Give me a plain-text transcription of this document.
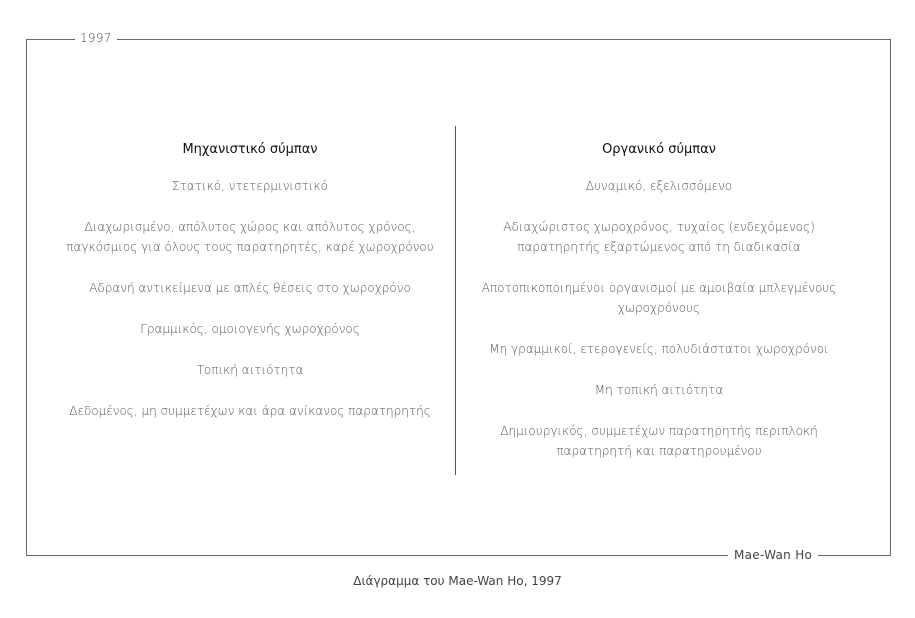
1997
Mae-Wan Ho
Μηχανιστικό σύμπαν
Στατικό, ντετερμινιστικό
Διαχωρισμένο, απόλυτος χώρος και απόλυτος χρόνος, παγκόσμιος για όλους τους παρατηρητές, καρέ χωροχρόνου
Αδρανή αντικείμενα με απλές θέσεις στο χωροχρόνο
Γραμμικός, ομοιογενής χωροχρόνος
Τοπική αιτιότητα
Δεδομένος, μη συμμετέχων και άρα ανίκανος παρατηρητής
Οργανικό σύμπαν
Δυναμικό, εξελισσόμενο
Αδιαχώριστος χωροχρόνος, τυχαίος (ενδεχόμενος) παρατηρητής εξαρτώμενος από τη διαδικασία
Αποτοπικοποιημένοι οργανισμοί με αμοιβαία μπλεγμένους χωροχρόνους
Μη γραμμικοί, ετερογενείς, πολυδιάστατοι χωροχρόνοι
Μη τοπική αιτιότητα
Δημιουργικός, συμμετέχων παρατηρητής περιπλοκή παρατηρητή και παρατηρουμένου
Διάγραμμα του Mae-Wan Ho, 1997
